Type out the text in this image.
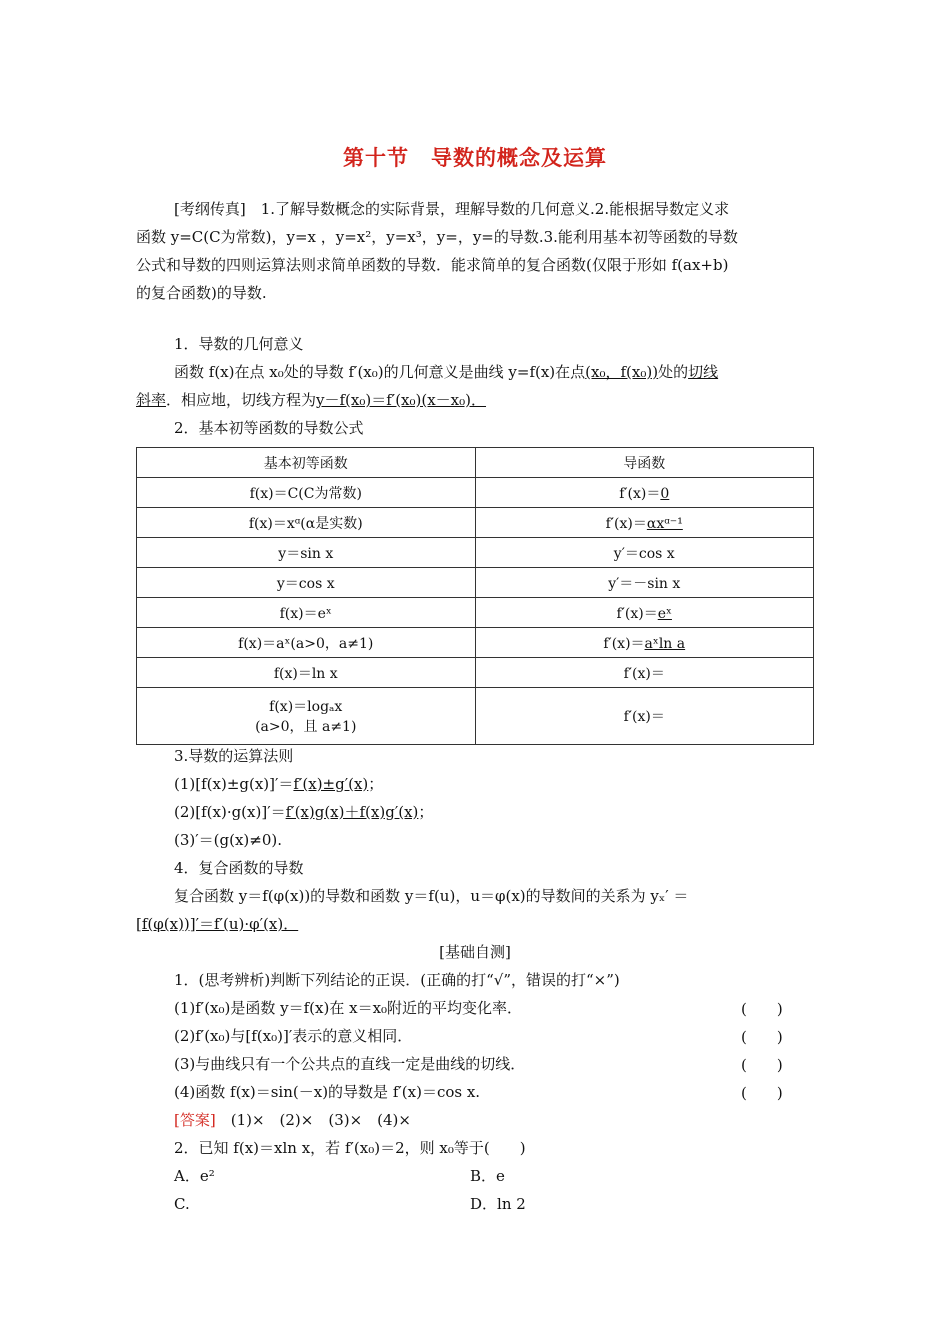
第十节　导数的概念及运算
[考纲传真]　1.了解导数概念的实际背景，理解导数的几何意义.2.能根据导数定义求
函数 y=C(C为常数)，y=x ，y=x²，y=x³，y=，y=的导数.3.能利用基本初等函数的导数
公式和导数的四则运算法则求简单函数的导数．能求简单的复合函数(仅限于形如 f(ax+b)
的复合函数)的导数.
1．导数的几何意义
函数 f(x)在点 x₀处的导数 f′(x₀)的几何意义是曲线 y=f(x)在点(x₀，f(x₀))处的切线
斜率．相应地，切线方程为y－f(x₀)＝f′(x₀)(x－x₀)．
2．基本初等函数的导数公式
基本初等函数	导函数
f(x)＝C(C为常数)	f′(x)＝0
f(x)＝xᵅ(α是实数)	f′(x)＝αxᵅ⁻¹
y＝sin x	y′＝cos x
y＝cos x	y′＝－sin x
f(x)＝eˣ	f′(x)＝eˣ
f(x)＝aˣ(a>0，a≠1)	f′(x)＝aˣln a
f(x)＝ln x	f′(x)＝

f(x)＝logₐx
(a>0，且 a≠1)	f′(x)＝
3.导数的运算法则
(1)[f(x)±g(x)]′＝f′(x)±g′(x)；
(2)[f(x)·g(x)]′＝f′(x)g(x)＋f(x)g′(x)；
(3)′＝(g(x)≠0).
4．复合函数的导数
复合函数 y＝f(φ(x))的导数和函数 y＝f(u)，u＝φ(x)的导数间的关系为 yₓ′ ＝
[f(φ(x))]′＝f′(u)·φ′(x)．
[基础自测]
1．(思考辨析)判断下列结论的正误．(正确的打“√”，错误的打“×”)
(1)f′(x₀)是函数 y＝f(x)在 x＝x₀附近的平均变化率．	(　　)
(2)f′(x₀)与[f(x₀)]′表示的意义相同．	(　　)
(3)与曲线只有一个公共点的直线一定是曲线的切线．	(　　)
(4)函数 f(x)＝sin(－x)的导数是 f′(x)＝cos x.	(　　)
[答案]　(1)×　(2)×　(3)×　(4)×
2．已知 f(x)＝xln x，若 f′(x₀)＝2，则 x₀等于(　　)
A．e²	B．e
C.	D．ln 2
